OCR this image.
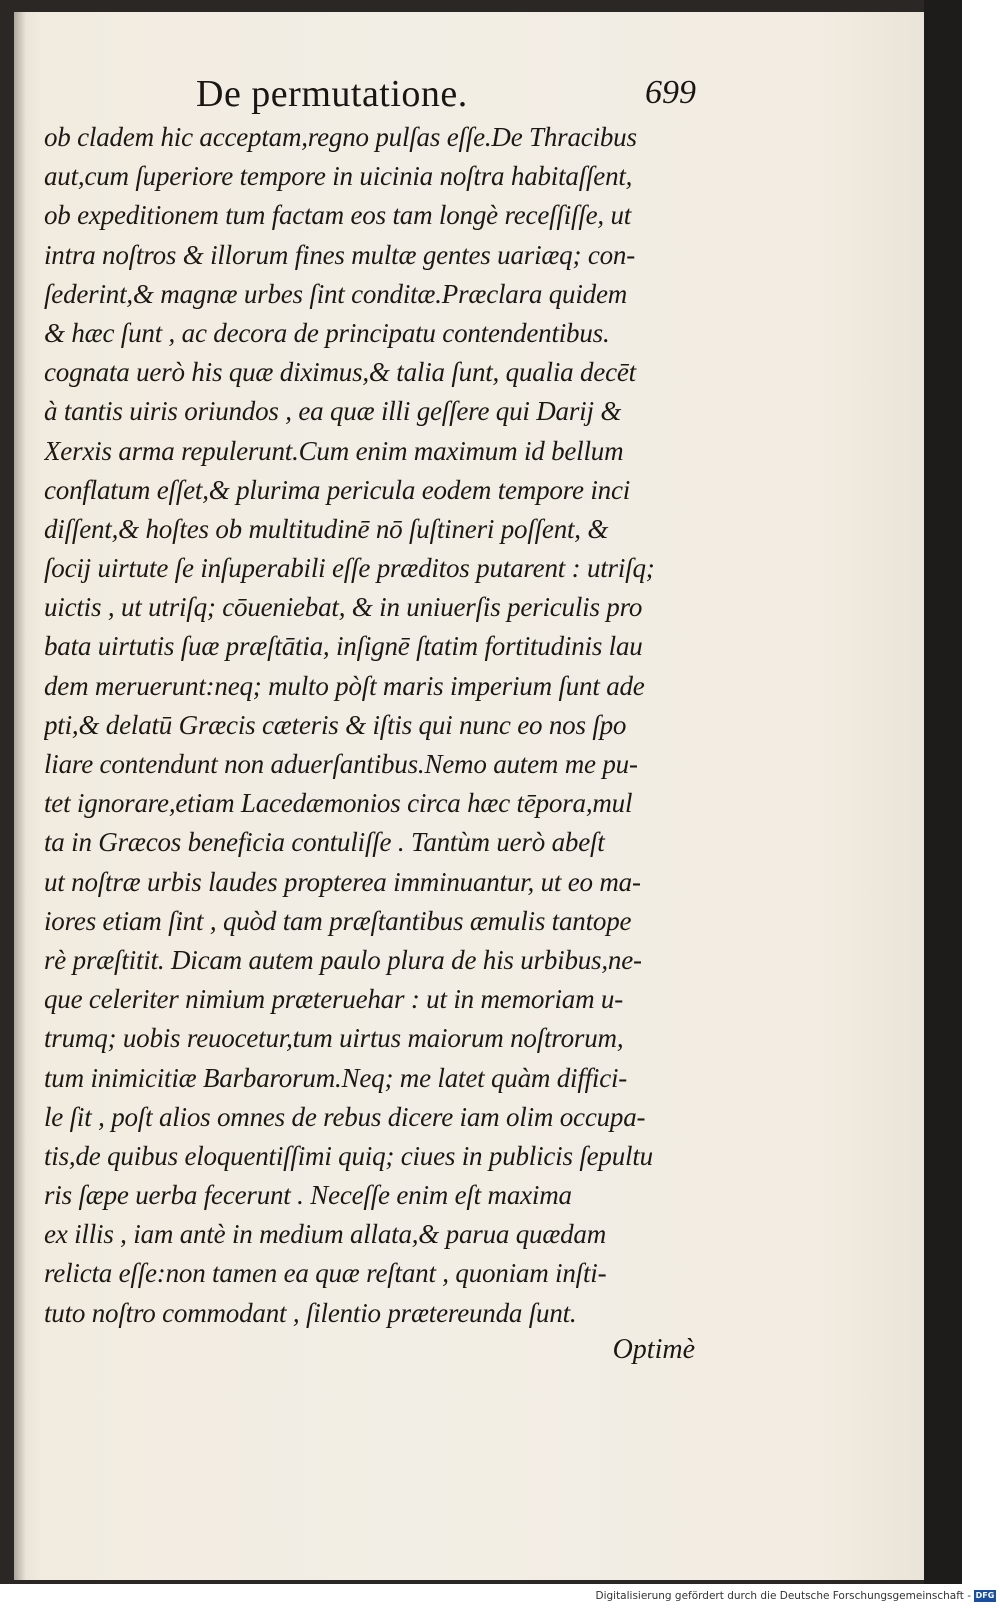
De permutatione.	699
ob cladem hic acceptam,regno pulſas eſſe.De Thracibus
aut,cum ſuperiore tempore in uicinia noſtra habitaſſent,
ob expeditionem tum factam eos tam longè receſſiſſe, ut
intra noſtros & illorum fines multæ gentes uariæq; con-
ſederint,& magnæ urbes ſint conditæ.Præclara quidem
& hæc ſunt , ac decora de principatu contendentibus.
cognata uerò his quæ diximus,& talia ſunt, qualia decēt
à tantis uiris oriundos , ea quæ illi geſſere qui Darij &
Xerxis arma repulerunt.Cum enim maximum id bellum
conflatum eſſet,& plurima pericula eodem tempore inci
diſſent,& hoſtes ob multitudinē nō ſuſtineri poſſent, &
ſocij uirtute ſe inſuperabili eſſe præditos putarent : utriſq;
uictis , ut utriſq; cōueniebat, & in uniuerſis periculis pro
bata uirtutis ſuæ præſtātia, inſignē ſtatim fortitudinis lau
dem meruerunt:neq; multo pòſt maris imperium ſunt ade
pti,& delatū Græcis cæteris & iſtis qui nunc eo nos ſpo
liare contendunt non aduerſantibus.Nemo autem me pu-
tet ignorare,etiam Lacedæmonios circa hæc tēpora,mul
ta in Græcos beneficia contuliſſe . Tantùm uerò abeſt
ut noſtræ urbis laudes propterea imminuantur, ut eo ma-
iores etiam ſint , quòd tam præſtantibus æmulis tantope
rè præſtitit. Dicam autem paulo plura de his urbibus,ne-
que celeriter nimium præteruehar : ut in memoriam u-
trumq; uobis reuocetur,tum uirtus maiorum noſtrorum,
tum inimicitiæ Barbarorum.Neq; me latet quàm diffici-
le ſit , poſt alios omnes de rebus dicere iam olim occupa-
tis,de quibus eloquentiſſimi quiq; ciues in publicis ſepultu
ris ſæpe uerba fecerunt . Neceſſe enim eſt maxima
ex illis , iam antè in medium allata,& parua quædam
relicta eſſe:non tamen ea quæ reſtant , quoniam inſti-
tuto noſtro commodant , ſilentio prætereunda ſunt.
Optimè
Digitalisierung gefördert durch die Deutsche Forschungsgemeinschaft - DFG
